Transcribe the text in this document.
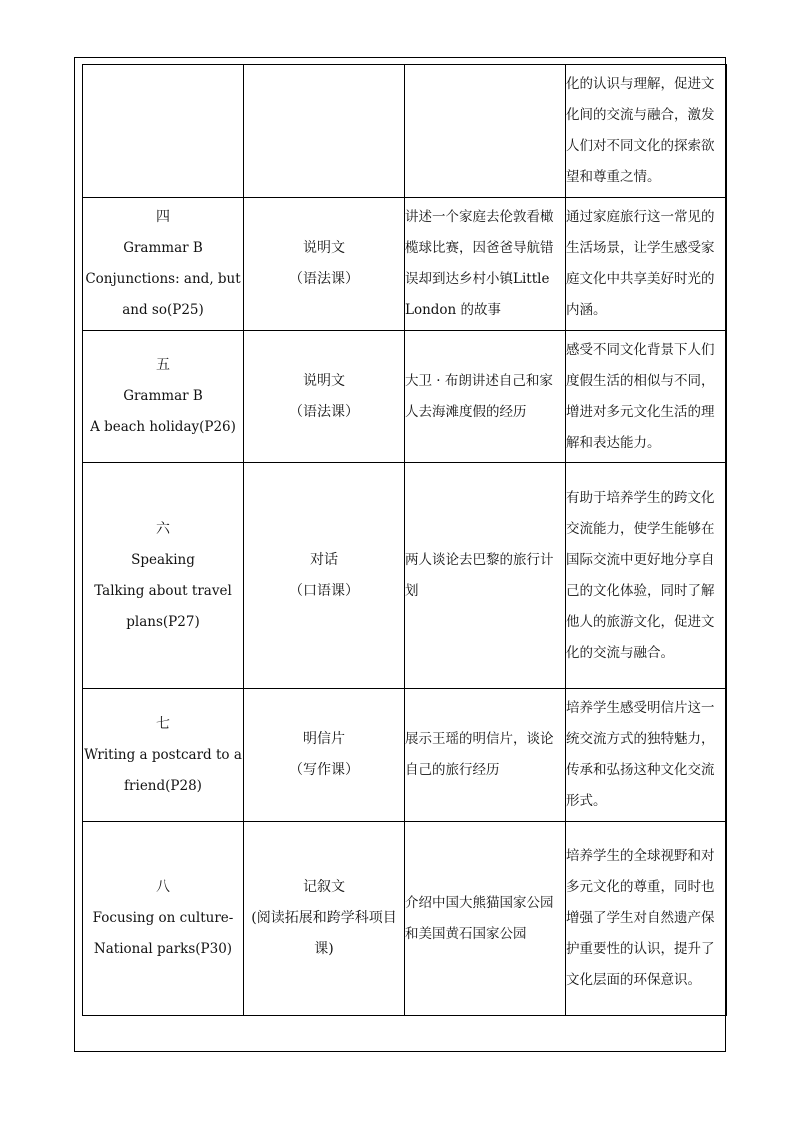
			化的认识与理解，促进文化间的交流与融合，激发人们对不同文化的探索欲望和尊重之情。

四
Grammar B
Conjunctions: and, but
and so(P25)	说明文
（语法课）	讲述一个家庭去伦敦看橄榄球比赛，因爸爸导航错误却到达乡村小镇Little London 的故事	通过家庭旅行这一常见的生活场景，让学生感受家庭文化中共享美好时光的内涵。

五
Grammar B
A beach holiday(P26)	说明文
（语法课）	大卫 · 布朗讲述自己和家人去海滩度假的经历	感受不同文化背景下人们度假生活的相似与不同，增进对多元文化生活的理解和表达能力。

六
Speaking
Talking about travel
plans(P27)	对话
（口语课）	两人谈论去巴黎的旅行计划	有助于培养学生的跨文化交流能力，使学生能够在国际交流中更好地分享自己的文化体验，同时了解他人的旅游文化，促进文化的交流与融合。

七
Writing a postcard to a
friend(P28)	明信片
（写作课）	展示王瑶的明信片，谈论自己的旅行经历	培养学生感受明信片这一统交流方式的独特魅力，传承和弘扬这种文化交流形式。

八
Focusing on culture-
National parks(P30)	记叙文
(阅读拓展和跨学科项目
课)	介绍中国大熊猫国家公园和美国黄石国家公园	培养学生的全球视野和对多元文化的尊重，同时也增强了学生对自然遗产保护重要性的认识，提升了文化层面的环保意识。
